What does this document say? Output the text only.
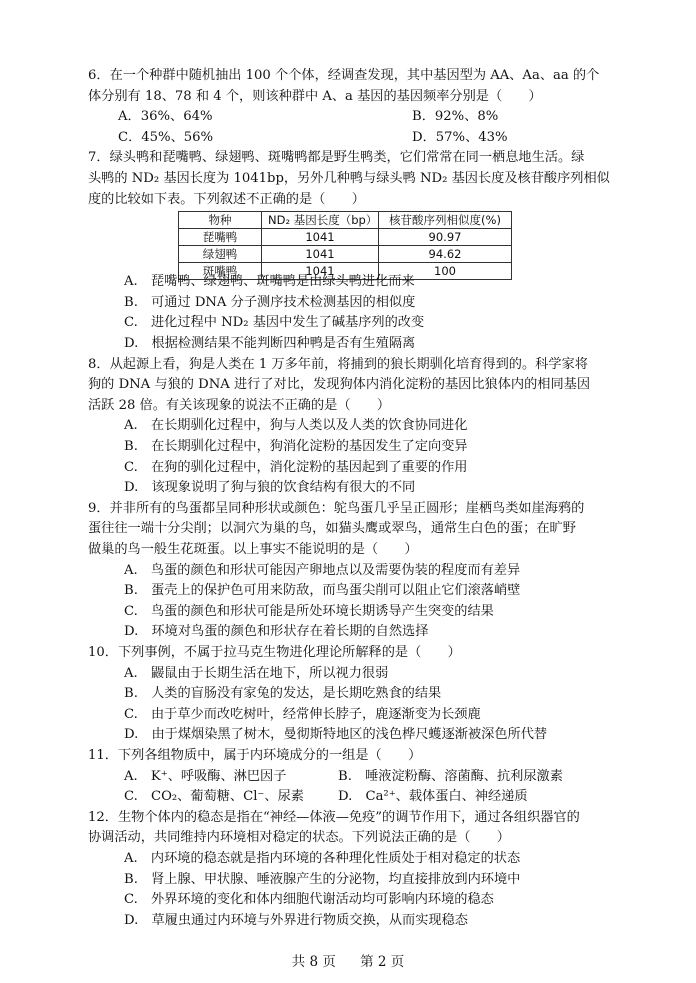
6．在一个种群中随机抽出 100 个个体，经调查发现，其中基因型为 AA、Aa、aa 的个
体分别有 18、78 和 4 个，则该种群中 A、a 基因的基因频率分别是（　　）
A．36%、64%	B．92%、8%
C．45%、56%	D．57%、43%
7．绿头鸭和琵嘴鸭、绿翅鸭、斑嘴鸭都是野生鸭类，它们常常在同一栖息地生活。绿
头鸭的 ND₂ 基因长度为 1041bp，另外几种鸭与绿头鸭 ND₂ 基因长度及核苷酸序列相似
度的比较如下表。下列叙述不正确的是（　　）
物种	ND₂ 基因长度（bp）	核苷酸序列相似度(%)
琵嘴鸭	1041	90.97
绿翅鸭	1041	94.62
斑嘴鸭	1041	100
A.　琵嘴鸭、绿翅鸭、斑嘴鸭是由绿头鸭进化而来
B.　可通过 DNA 分子测序技术检测基因的相似度
C.　进化过程中 ND₂ 基因中发生了碱基序列的改变
D.　根据检测结果不能判断四种鸭是否有生殖隔离
8．从起源上看，狗是人类在 1 万多年前，将捕到的狼长期驯化培育得到的。科学家将
狗的 DNA 与狼的 DNA 进行了对比，发现狗体内消化淀粉的基因比狼体内的相同基因
活跃 28 倍。有关该现象的说法不正确的是（　　）
A.　在长期驯化过程中，狗与人类以及人类的饮食协同进化
B.　在长期驯化过程中，狗消化淀粉的基因发生了定向变异
C.　在狗的驯化过程中，消化淀粉的基因起到了重要的作用
D.　该现象说明了狗与狼的饮食结构有很大的不同
9．并非所有的鸟蛋都呈同种形状或颜色：鸵鸟蛋几乎呈正圆形；崖栖鸟类如崖海鸦的
蛋往往一端十分尖削；以洞穴为巢的鸟，如猫头鹰或翠鸟，通常生白色的蛋；在旷野
做巢的鸟一般生花斑蛋。以上事实不能说明的是（　　）
A.　鸟蛋的颜色和形状可能因产卵地点以及需要伪装的程度而有差异
B.　蛋壳上的保护色可用来防敌，而鸟蛋尖削可以阻止它们滚落峭壁
C.　鸟蛋的颜色和形状可能是所处环境长期诱导产生突变的结果
D.　环境对鸟蛋的颜色和形状存在着长期的自然选择
10．下列事例，不属于拉马克生物进化理论所解释的是（　　）
A.　鼹鼠由于长期生活在地下，所以视力很弱
B.　人类的盲肠没有家兔的发达，是长期吃熟食的结果
C.　由于草少而改吃树叶，经常伸长脖子，鹿逐渐变为长颈鹿
D.　由于煤烟染黑了树木，曼彻斯特地区的浅色桦尺蠖逐渐被深色所代替
11．下列各组物质中，属于内环境成分的一组是（　　）
A.　K⁺、呼吸酶、淋巴因子	B.　唾液淀粉酶、溶菌酶、抗利尿激素
C.　CO₂、葡萄糖、Cl⁻、尿素	D.　Ca²⁺、载体蛋白、神经递质
12．生物个体内的稳态是指在“神经—体液—免疫”的调节作用下，通过各组织器官的
协调活动，共同维持内环境相对稳定的状态。下列说法正确的是（　　）
共 8 页 第 2 页
A.　内环境的稳态就是指内环境的各种理化性质处于相对稳定的状态
B.　肾上腺、甲状腺、唾液腺产生的分泌物，均直接排放到内环境中
C.　外界环境的变化和体内细胞代谢活动均可影响内环境的稳态
D.　草履虫通过内环境与外界进行物质交换，从而实现稳态
